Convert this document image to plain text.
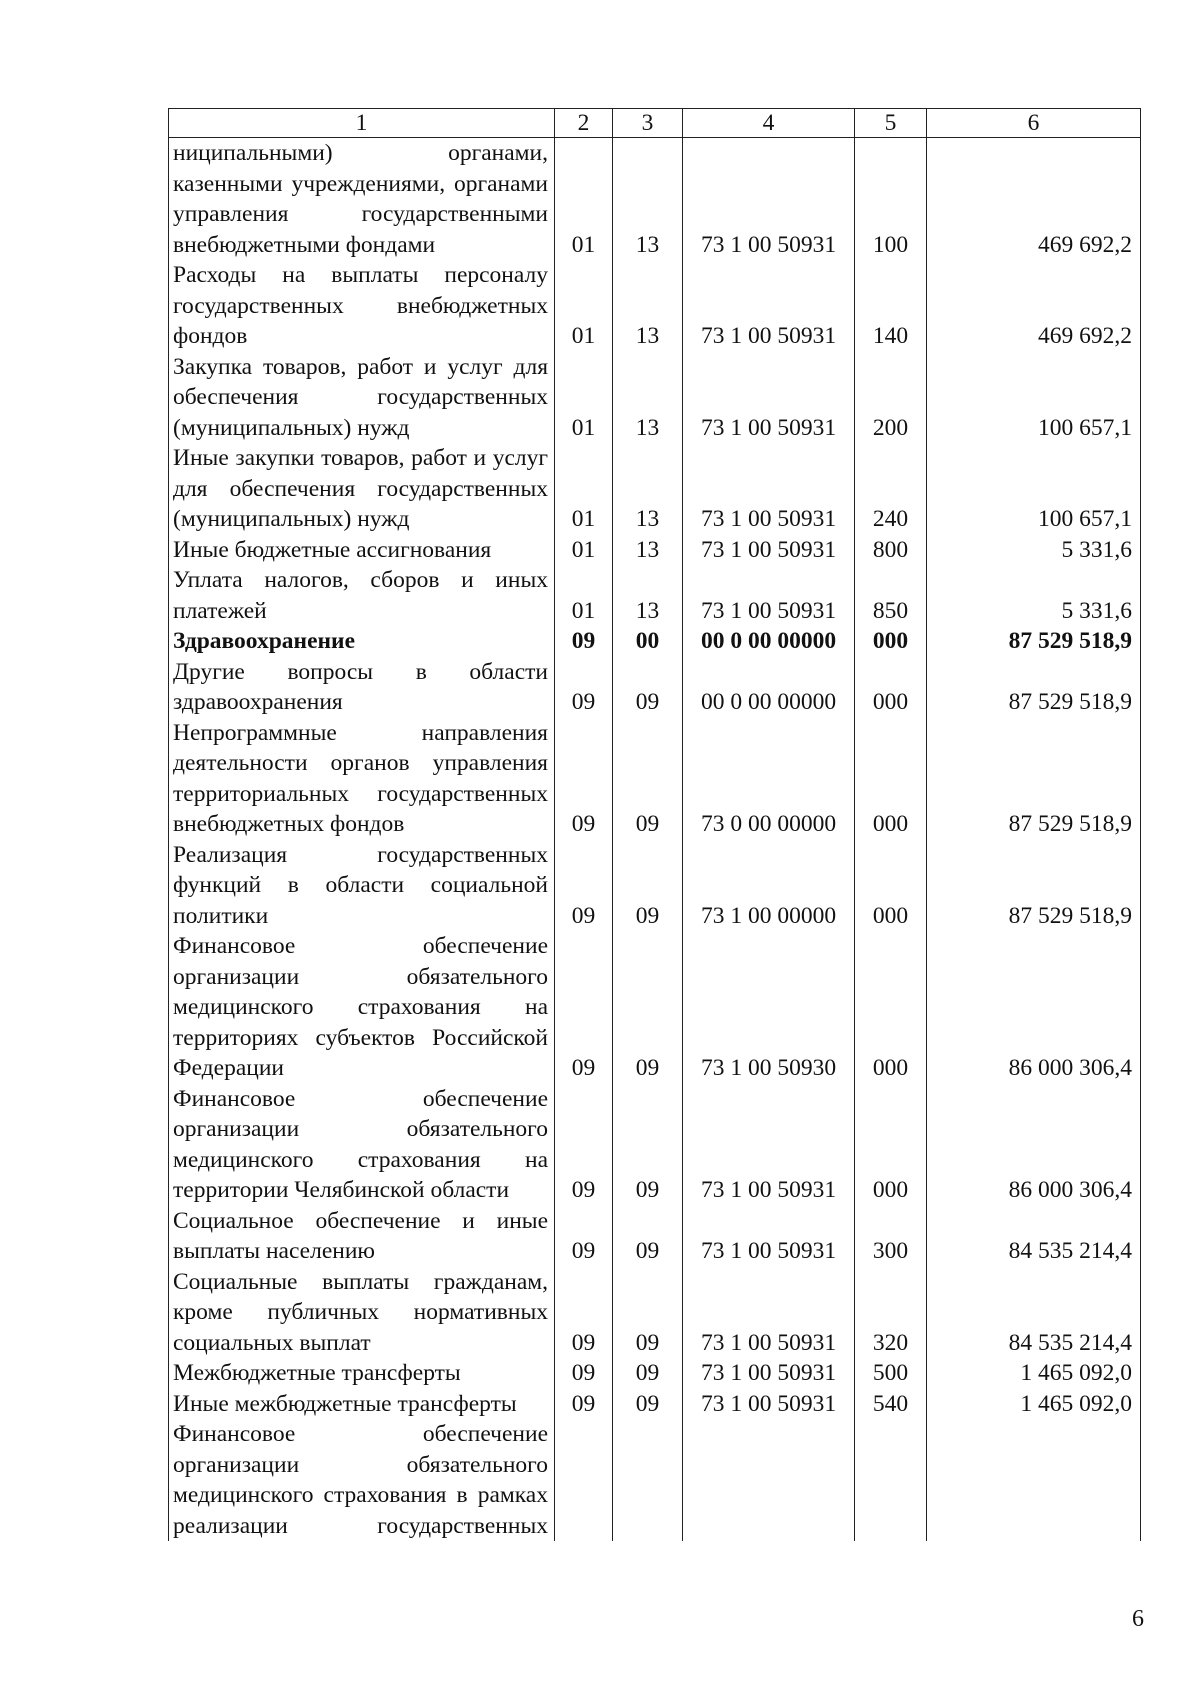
1	2	3	4	5	6
ниципальными) органами, казенными учреждениями, органами управления государственными внебюджетными фондами	01	13	73 1 00 50931	100	469 692,2
Расходы на выплаты персоналу государственных внебюджетных фондов	01	13	73 1 00 50931	140	469 692,2
Закупка товаров, работ и услуг для обеспечения государственных (муниципальных) нужд	01	13	73 1 00 50931	200	100 657,1
Иные закупки товаров, работ и услуг для обеспечения государственных (муниципальных) нужд	01	13	73 1 00 50931	240	100 657,1
Иные бюджетные ассигнования	01	13	73 1 00 50931	800	5 331,6
Уплата налогов, сборов и иных платежей	01	13	73 1 00 50931	850	5 331,6
Здравоохранение	09	00	00 0 00 00000	000	87 529 518,9
Другие вопросы в области здравоохранения	09	09	00 0 00 00000	000	87 529 518,9
Непрограммные направления деятельности органов управления территориальных государственных внебюджетных фондов	09	09	73 0 00 00000	000	87 529 518,9
Реализация государственных функций в области социальной политики	09	09	73 1 00 00000	000	87 529 518,9
Финансовое обеспечение организации обязательного медицинского страхования на территориях субъектов Российской Федерации	09	09	73 1 00 50930	000	86 000 306,4
Финансовое обеспечение организации обязательного медицинского страхования на территории Челябинской области	09	09	73 1 00 50931	000	86 000 306,4
Социальное обеспечение и иные выплаты населению	09	09	73 1 00 50931	300	84 535 214,4
Социальные выплаты гражданам, кроме публичных нормативных социальных выплат	09	09	73 1 00 50931	320	84 535 214,4
Межбюджетные трансферты	09	09	73 1 00 50931	500	1 465 092,0
Иные межбюджетные трансферты	09	09	73 1 00 50931	540	1 465 092,0
Финансовое обеспечение организации обязательного медицинского страхования в рамках реализации государственных					
6
